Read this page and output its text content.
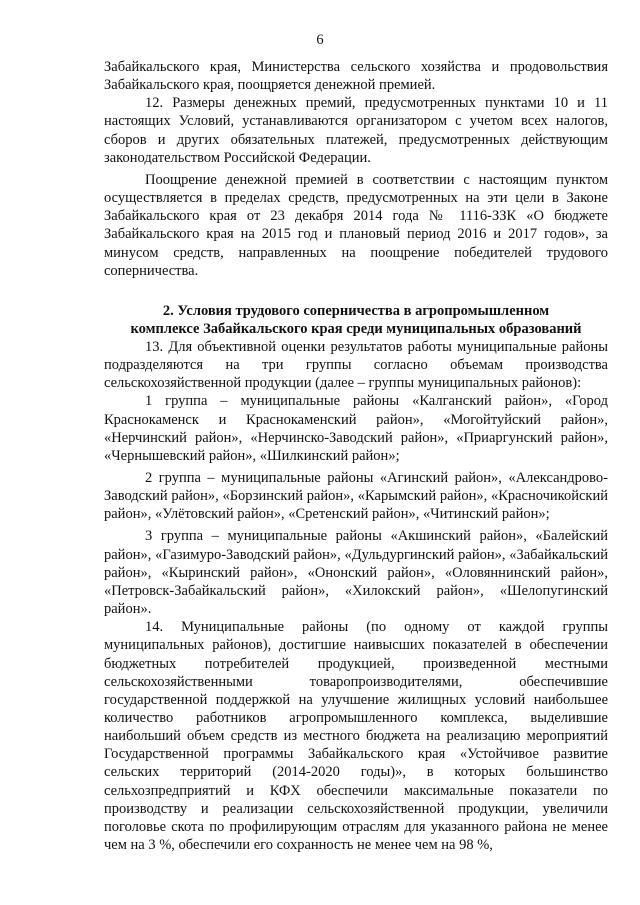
6

Забайкальского края, Министерства сельского хозяйства и продовольствия Забайкальского края, поощряется денежной премией.

12. Размеры денежных премий, предусмотренных пунктами 10 и 11 настоящих Условий, устанавливаются организатором с учетом всех налогов, сборов и других обязательных платежей, предусмотренных действующим законодательством Российской Федерации.

Поощрение денежной премией в соответствии с настоящим пунктом осуществляется в пределах средств, предусмотренных на эти цели в Законе Забайкальского края от 23 декабря 2014 года № 1116-ЗЗК «О бюджете Забайкальского края на 2015 год и плановый период 2016 и 2017 годов», за минусом средств, направленных на поощрение победителей трудового соперничества.

2. Условия трудового соперничества в агропромышленном
комплексе Забайкальского края среди муниципальных образований

13. Для объективной оценки результатов работы муниципальные районы подразделяются на три группы согласно объемам производства сельскохозяйственной продукции (далее – группы муниципальных районов):

1 группа – муниципальные районы «Калганский район», «Город Краснокаменск и Краснокаменский район», «Могойтуйский район», «Нерчинский район», «Нерчинско-Заводский район», «Приаргунский район», «Чернышевский район», «Шилкинский район»;

2 группа – муниципальные районы «Агинский район», «Александрово-Заводский район», «Борзинский район», «Карымский район», «Красночикойский район», «Улётовский район», «Сретенский район», «Читинский район»;

3 группа – муниципальные районы «Акшинский район», «Балейский район», «Газимуро-Заводский район», «Дульдургинский район», «Забайкальский район», «Кыринский район», «Ононский район», «Оловяннинский район», «Петровск-Забайкальский район», «Хилокский район», «Шелопугинский район».

14. Муниципальные районы (по одному от каждой группы муниципальных районов), достигшие наивысших показателей в обеспечении бюджетных потребителей продукцией, произведенной местными сельскохозяйственными товаропроизводителями, обеспечившие государственной поддержкой на улучшение жилищных условий наибольшее количество работников агропромышленного комплекса, выделившие наибольший объем средств из местного бюджета на реализацию мероприятий Государственной программы Забайкальского края «Устойчивое развитие сельских территорий (2014-2020 годы)», в которых большинство сельхозпредприятий и КФХ обеспечили максимальные показатели по производству и реализации сельскохозяйственной продукции, увеличили поголовье скота по профилирующим отраслям для указанного района не менее чем на 3 %, обеспечили его сохранность не менее чем на 98 %,
